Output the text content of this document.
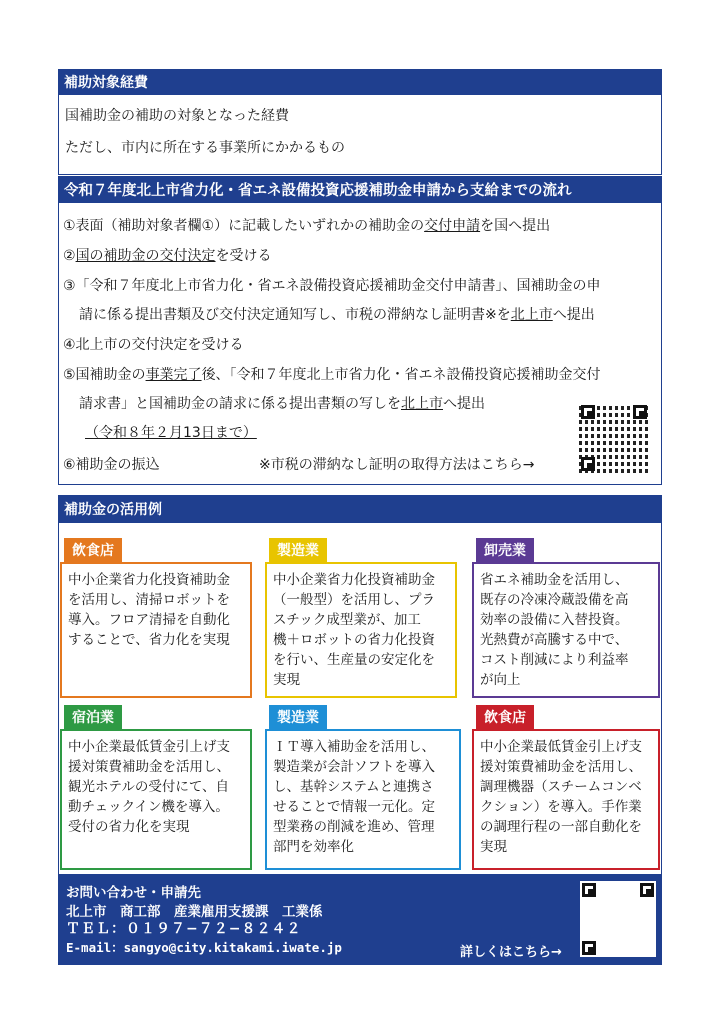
補助対象経費
国補助金の補助の対象となった経費
ただし、市内に所在する事業所にかかるもの
令和７年度北上市省力化・省エネ設備投資応援補助金申請から支給までの流れ
①表面（補助対象者欄①）に記載したいずれかの補助金の交付申請を国へ提出
②国の補助金の交付決定を受ける
③「令和７年度北上市省力化・省エネ設備投資応援補助金交付申請書」、国補助金の申
請に係る提出書類及び交付決定通知写し、市税の滞納なし証明書※を北上市へ提出
④北上市の交付決定を受ける
⑤国補助金の事業完了後、「令和７年度北上市省力化・省エネ設備投資応援補助金交付
請求書」と国補助金の請求に係る提出書類の写しを北上市へ提出
（令和８年２月13日まで）
⑥補助金の振込	※市税の滞納なし証明の取得方法はこちら→
補助金の活用例
飲食店
中小企業省力化投資補助金
を活用し、清掃ロボットを
導入。フロア清掃を自動化
することで、省力化を実現
製造業
中小企業省力化投資補助金
（一般型）を活用し、プラ
スチック成型業が、加工
機＋ロボットの省力化投資
を行い、生産量の安定化を
実現
卸売業
省エネ補助金を活用し、
既存の冷凍冷蔵設備を高
効率の設備に入替投資。
光熱費が高騰する中で、
コスト削減により利益率
が向上
宿泊業
中小企業最低賃金引上げ支
援対策費補助金を活用し、
観光ホテルの受付にて、自
動チェックイン機を導入。
受付の省力化を実現
製造業
ＩＴ導入補助金を活用し、
製造業が会計ソフトを導入
し、基幹システムと連携さ
せることで情報一元化。定
型業務の削減を進め、管理
部門を効率化
飲食店
中小企業最低賃金引上げ支
援対策費補助金を活用し、
調理機器（スチームコンベ
クション）を導入。手作業
の調理行程の一部自動化を
実現
お問い合わせ・申請先
北上市　商工部　産業雇用支援課　工業係
ＴＥＬ：０１９７−７２−８２４２
E-mail：sangyo@city.kitakami.iwate.jp	詳しくはこちら→
